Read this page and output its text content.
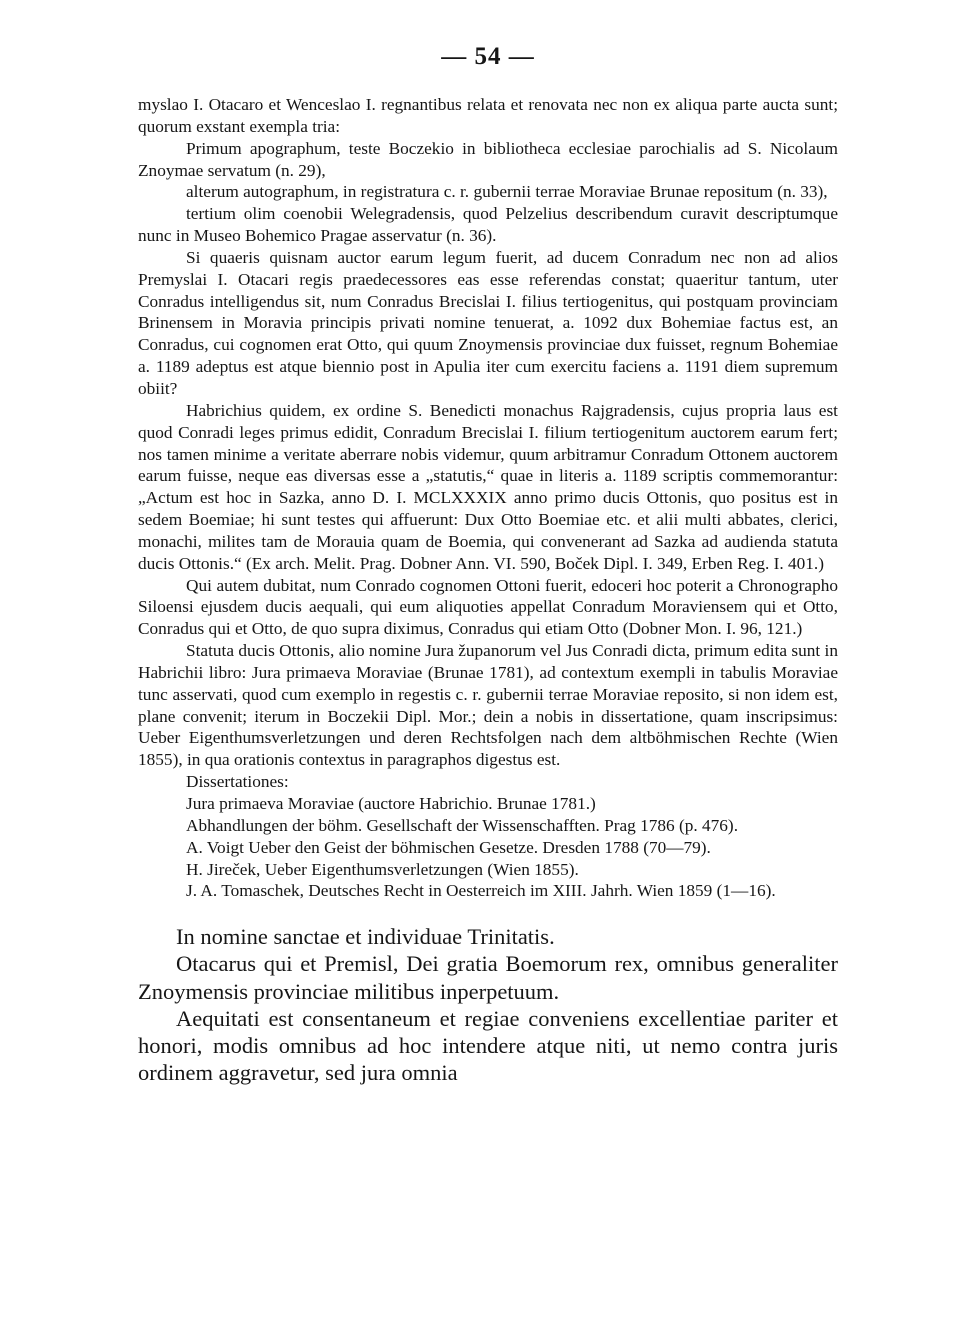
— 54 —

myslao I. Otacaro et Wenceslao I. regnantibus relata et renovata nec non ex aliqua parte aucta sunt; quorum exstant exempla tria:

Primum apographum, teste Boczekio in bibliotheca ecclesiae parochialis ad S. Nicolaum Znoymae servatum (n. 29),

alterum autographum, in registratura c. r. gubernii terrae Moraviae Brunae repositum (n. 33),

tertium olim coenobii Welegradensis, quod Pelzelius describendum curavit descriptumque nunc in Museo Bohemico Pragae asservatur (n. 36).

Si quaeris quisnam auctor earum legum fuerit, ad ducem Conradum nec non ad alios Premyslai I. Otacari regis praedecessores eas esse referendas constat; quaeritur tantum, uter Conradus intelligendus sit, num Conradus Brecislai I. filius tertiogenitus, qui postquam provinciam Brinensem in Moravia principis privati nomine tenuerat, a. 1092 dux Bohemiae factus est, an Conradus, cui cognomen erat Otto, qui quum Znoymensis provinciae dux fuisset, regnum Bohemiae a. 1189 adeptus est atque biennio post in Apulia iter cum exercitu faciens a. 1191 diem supremum obiit?

Habrichius quidem, ex ordine S. Benedicti monachus Rajgradensis, cujus propria laus est quod Conradi leges primus edidit, Conradum Brecislai I. filium tertiogenitum auctorem earum fert; nos tamen minime a veritate aberrare nobis videmur, quum arbitramur Conradum Ottonem auctorem earum fuisse, neque eas diversas esse a „statutis,“ quae in literis a. 1189 scriptis commemorantur: „Actum est hoc in Sazka, anno D. I. MCLXXXIX anno primo ducis Ottonis, quo positus est in sedem Boemiae; hi sunt testes qui affuerunt: Dux Otto Boemiae etc. et alii multi abbates, clerici, monachi, milites tam de Morauia quam de Boemia, qui convenerant ad Sazka ad audienda statuta ducis Ottonis.“ (Ex arch. Melit. Prag. Dobner Ann. VI. 590, Boček Dipl. I. 349, Erben Reg. I. 401.)

Qui autem dubitat, num Conrado cognomen Ottoni fuerit, edoceri hoc poterit a Chronographo Siloensi ejusdem ducis aequali, qui eum aliquoties appellat Conradum Moraviensem qui et Otto, Conradus qui et Otto, de quo supra diximus, Conradus qui etiam Otto (Dobner Mon. I. 96, 121.)

Statuta ducis Ottonis, alio nomine Jura županorum vel Jus Conradi dicta, primum edita sunt in Habrichii libro: Jura primaeva Moraviae (Brunae 1781), ad contextum exempli in tabulis Moraviae tunc asservati, quod cum exemplo in regestis c. r. gubernii terrae Moraviae reposito, si non idem est, plane convenit; iterum in Boczekii Dipl. Mor.; dein a nobis in dissertatione, quam inscripsimus: Ueber Eigenthumsverletzungen und deren Rechtsfolgen nach dem altböhmischen Rechte (Wien 1855), in qua orationis contextus in paragraphos digestus est.

Dissertationes:

Jura primaeva Moraviae (auctore Habrichio. Brunae 1781.)

Abhandlungen der böhm. Gesellschaft der Wissenschafften. Prag 1786 (p. 476).

A. Voigt Ueber den Geist der böhmischen Gesetze. Dresden 1788 (70—79).

H. Jireček, Ueber Eigenthumsverletzungen (Wien 1855).

J. A. Tomaschek, Deutsches Recht in Oesterreich im XIII. Jahrh. Wien 1859 (1—16).

In nomine sanctae et individuae Trinitatis.

Otacarus qui et Premisl, Dei gratia Boemorum rex, omnibus generaliter Znoymensis provinciae militibus inperpetuum.

Aequitati est consentaneum et regiae conveniens excellentiae pariter et honori, modis omnibus ad hoc intendere atque niti, ut nemo contra juris ordinem aggravetur, sed jura omnia
